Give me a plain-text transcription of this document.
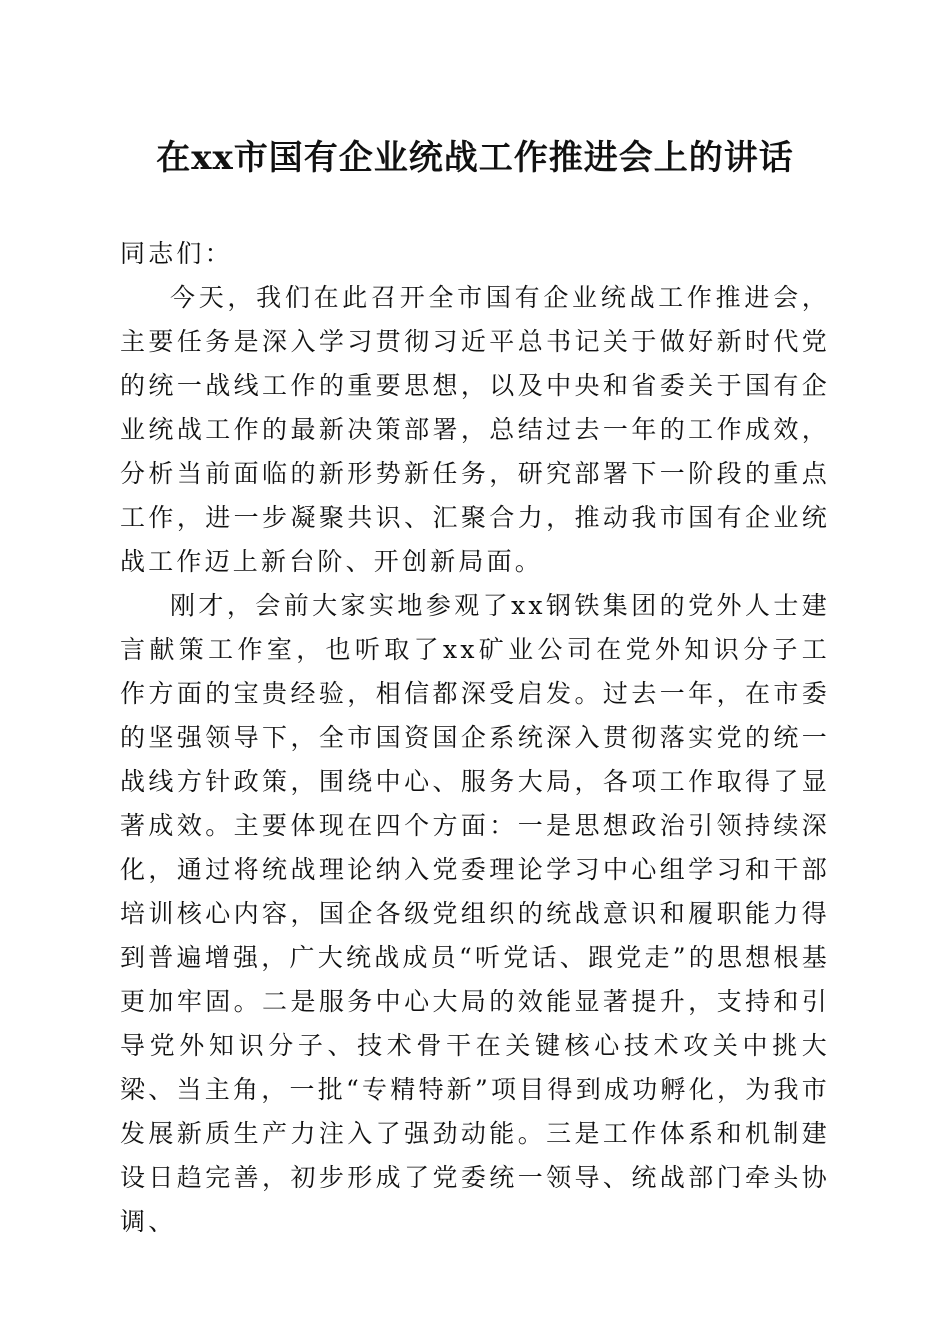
在xx市国有企业统战工作推进会上的讲话

同志们：

今天，我们在此召开全市国有企业统战工作推进会，主要任务是深入学习贯彻习近平总书记关于做好新时代党的统一战线工作的重要思想，以及中央和省委关于国有企业统战工作的最新决策部署，总结过去一年的工作成效，分析当前面临的新形势新任务，研究部署下一阶段的重点工作，进一步凝聚共识、汇聚合力，推动我市国有企业统战工作迈上新台阶、开创新局面。

刚才，会前大家实地参观了xx钢铁集团的党外人士建言献策工作室，也听取了xx矿业公司在党外知识分子工作方面的宝贵经验，相信都深受启发。过去一年，在市委的坚强领导下，全市国资国企系统深入贯彻落实党的统一战线方针政策，围绕中心、服务大局，各项工作取得了显著成效。主要体现在四个方面：一是思想政治引领持续深化，通过将统战理论纳入党委理论学习中心组学习和干部培训核心内容，国企各级党组织的统战意识和履职能力得到普遍增强，广大统战成员“听党话、跟党走”的思想根基更加牢固。二是服务中心大局的效能显著提升，支持和引导党外知识分子、技术骨干在关键核心技术攻关中挑大梁、当主角，一批“专精特新”项目得到成功孵化，为我市发展新质生产力注入了强劲动能。三是工作体系和机制建设日趋完善，初步形成了党委统一领导、统战部门牵头协调、
